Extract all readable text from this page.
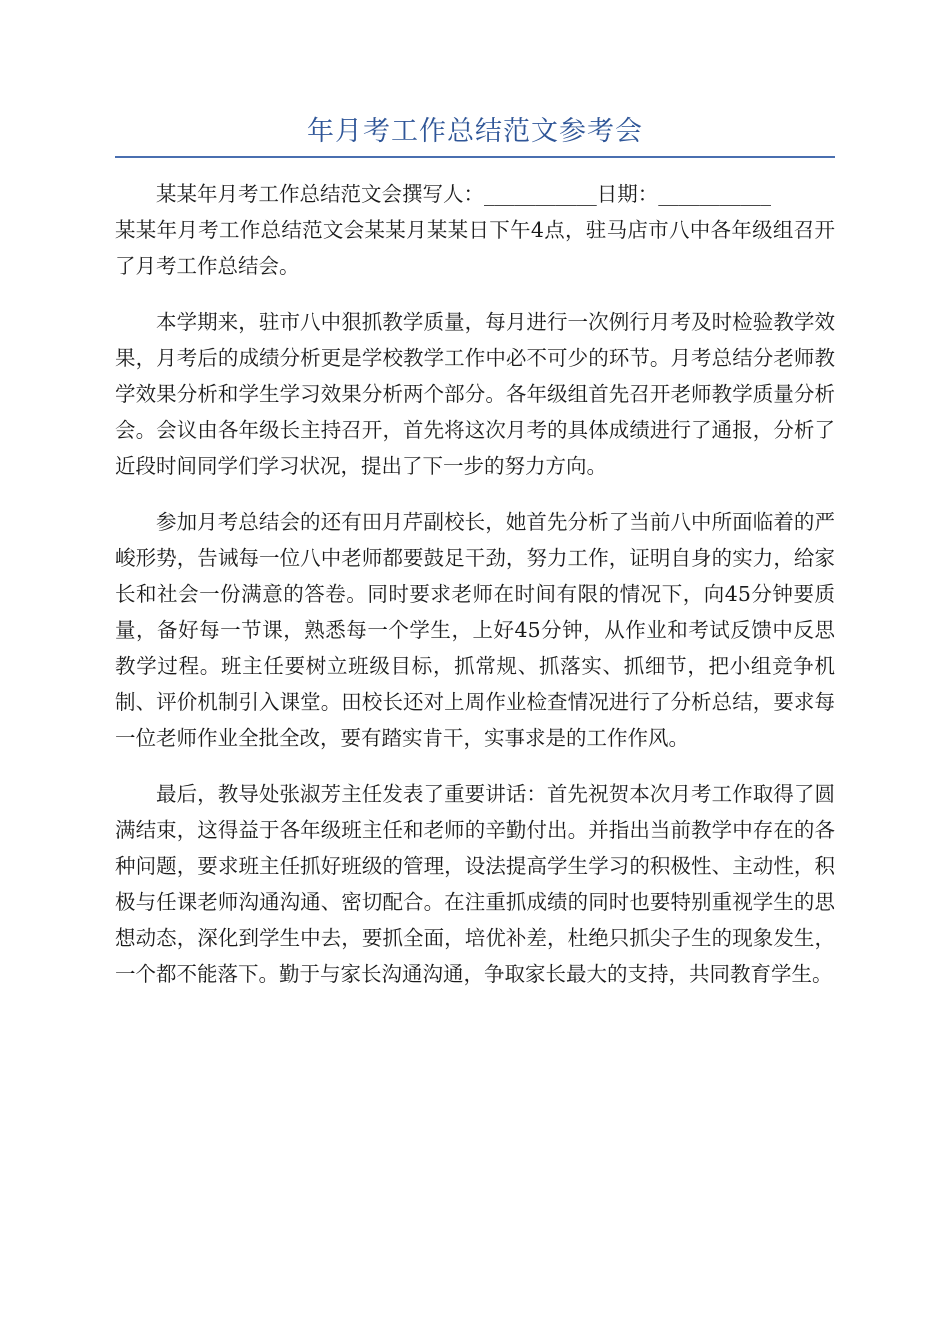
年月考工作总结范文参考会

某某年月考工作总结范文会撰写人：___________日期：___________
某某年月考工作总结范文会某某月某某日下午4点，驻马店市八中各年级组召开了月考工作总结会。

本学期来，驻市八中狠抓教学质量，每月进行一次例行月考及时检验教学效果，月考后的成绩分析更是学校教学工作中必不可少的环节。月考总结分老师教学效果分析和学生学习效果分析两个部分。各年级组首先召开老师教学质量分析会。会议由各年级长主持召开，首先将这次月考的具体成绩进行了通报，分析了近段时间同学们学习状况，提出了下一步的努力方向。

参加月考总结会的还有田月芹副校长，她首先分析了当前八中所面临着的严峻形势，告诫每一位八中老师都要鼓足干劲，努力工作，证明自身的实力，给家长和社会一份满意的答卷。同时要求老师在时间有限的情况下，向45分钟要质量，备好每一节课，熟悉每一个学生，上好45分钟，从作业和考试反馈中反思教学过程。班主任要树立班级目标，抓常规、抓落实、抓细节，把小组竞争机制、评价机制引入课堂。田校长还对上周作业检查情况进行了分析总结，要求每一位老师作业全批全改，要有踏实肯干，实事求是的工作作风。

最后，教导处张淑芳主任发表了重要讲话：首先祝贺本次月考工作取得了圆满结束，这得益于各年级班主任和老师的辛勤付出。并指出当前教学中存在的各种问题，要求班主任抓好班级的管理，设法提高学生学习的积极性、主动性，积极与任课老师沟通沟通、密切配合。在注重抓成绩的同时也要特别重视学生的思想动态，深化到学生中去，要抓全面，培优补差，杜绝只抓尖子生的现象发生，一个都不能落下。勤于与家长沟通沟通，争取家长最大的支持，共同教育学生。
